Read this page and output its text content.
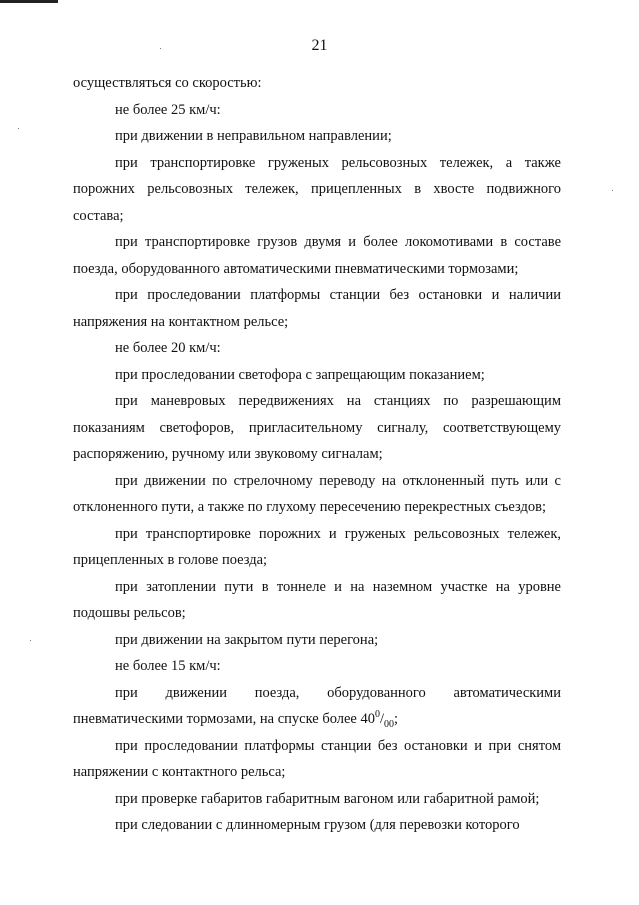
21

осуществляться со скоростью:

не более 25 км/ч:

при движении в неправильном направлении;

при транспортировке груженых рельсовозных тележек, а также порожних рельсовозных тележек, прицепленных в хвосте подвижного состава;

при транспортировке грузов двумя и более локомотивами в составе поезда, оборудованного автоматическими пневматическими тормозами;

при проследовании платформы станции без остановки и наличии напряжения на контактном рельсе;

не более 20 км/ч:

при проследовании светофора с запрещающим показанием;

при маневровых передвижениях на станциях по разрешающим показаниям светофоров, пригласительному сигналу, соответствующему распоряжению, ручному или звуковому сигналам;

при движении по стрелочному переводу на отклоненный путь или с отклоненного пути, а также по глухому пересечению перекрестных съездов;

при транспортировке порожних и груженых рельсовозных тележек, прицепленных в голове поезда;

при затоплении пути в тоннеле и на наземном участке на уровне подошвы рельсов;

при движении на закрытом пути перегона;

не более 15 км/ч:

при движении поезда, оборудованного автоматическими пневматическими тормозами, на спуске более $40^0/_{00}$;

при проследовании платформы станции без остановки и при снятом напряжении с контактного рельса;

при проверке габаритов габаритным вагоном или габаритной рамой;

при следовании с длинномерным грузом (для перевозки которого
